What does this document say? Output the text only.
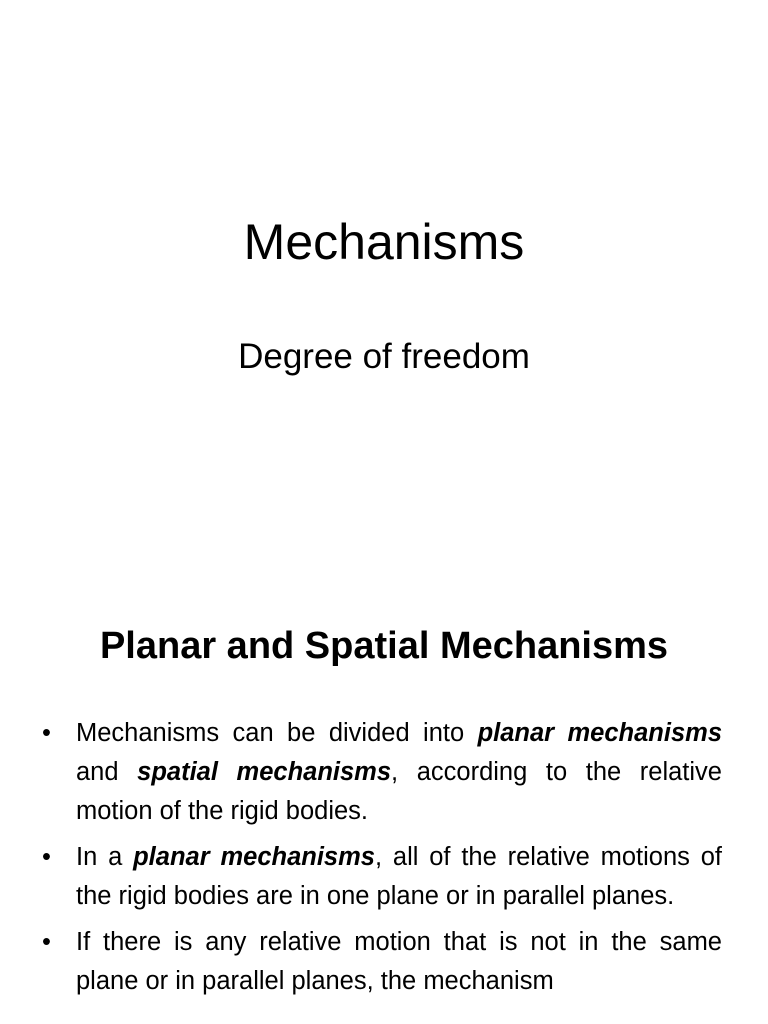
Mechanisms

Degree of freedom

Planar and Spatial Mechanisms
• Mechanisms can be divided into planar mechanisms and spatial mechanisms, according to the relative motion of the rigid bodies.
• In a planar mechanisms, all of the relative motions of the rigid bodies are in one plane or in parallel planes.
• If there is any relative motion that is not in the same plane or in parallel planes, the mechanism
